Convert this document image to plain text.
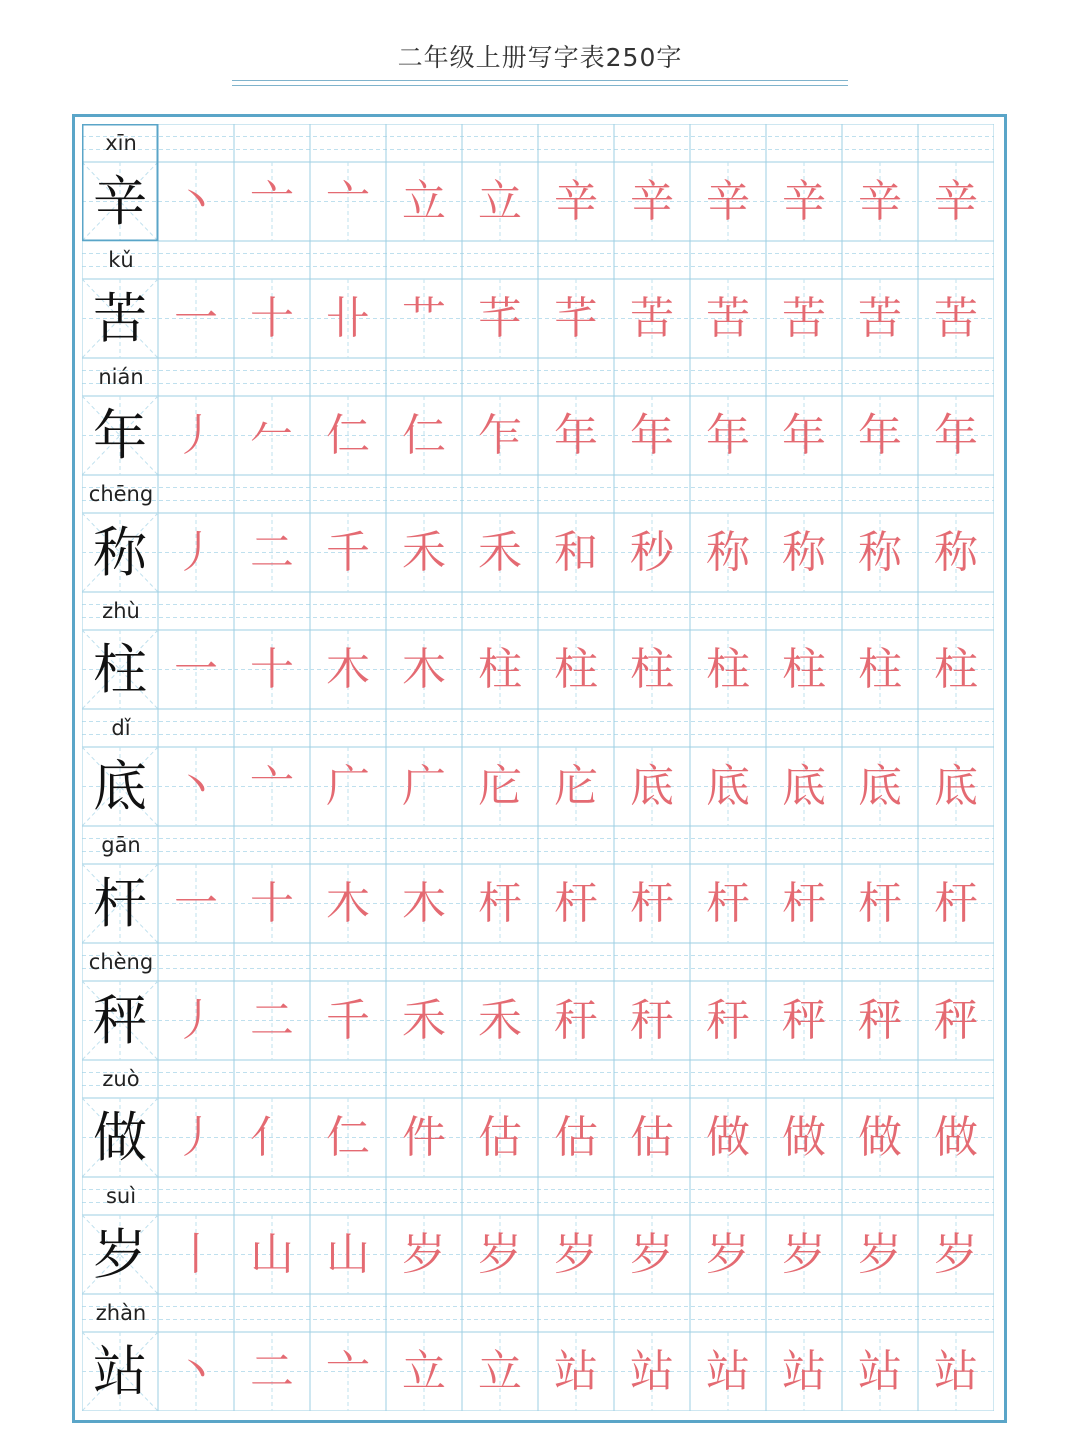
二年级上册写字表250字
xīn
辛 丶 亠 亠 立 立 辛 辛 辛 辛 辛 辛
kǔ
苦 一 十 卝 艹 芊 芊 苦 苦 苦 苦 苦
nián
年 丿 𠂉 仁 仁 乍 年 年 年 年 年 年
chēng
称 丿 二 千 禾 禾 和 秒 称 称 称 称
zhù
柱 一 十 木 木 柱 柱 柱 柱 柱 柱 柱
dǐ
底 丶 亠 广 广 庀 庀 底 底 底 底 底
gān
杆 一 十 木 木 杆 杆 杆 杆 杆 杆 杆
chèng
秤 丿 二 千 禾 禾 秆 秆 秆 秤 秤 秤
zuò
做 丿 亻 仁 件 估 估 估 做 做 做 做
suì
岁 丨 山 山 岁 岁 岁 岁 岁 岁 岁 岁
zhàn
站 丶 二 亠 立 立 站 站 站 站 站 站
